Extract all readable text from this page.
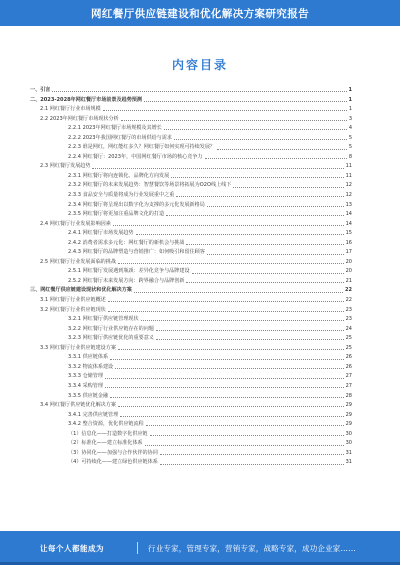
网红餐厅供应链建设和优化解决方案研究报告
内容目录
一、引言	1
二、2023-2028年网红餐厅市场前景及趋势预测	1
2.1 网红餐厅行业市场规模	1
2.2 2023年网红餐厅市场现状分析	3
2.2.1 2023年网红餐厅市场规模及其增长	4
2.2.2 2023年我国网红餐厅的市场供给与需求	5
2.2.3 谁是网红，网红能红多久？网红餐厅如何实现可持续发展？	5
2.2.4 网红餐厅：2023年，中国网红餐厅市场的核心竞争力	8
2.3 网红餐厅发展趋势	11
2.3.1 网红餐厅将向连锁化、品牌化方向发展	11
2.3.2 网红餐厅的未来发展趋势：智慧餐饮等场景将拓展为O2O线上线下	12
2.3.3 食品安全与质量将成为行业发展重中之重	12
2.3.4 网红餐厅将呈现出以数字化为支撑的多元化发展新格局	13
2.3.5 网红餐厅将更加注重品牌文化的打造	14
2.4 网红餐厅行业发展影响因素	14
2.4.1 网红餐厅市场发展趋势	15
2.4.2 消费者需求多元化：网红餐厅的新机会与挑战	16
2.4.3 网红餐厅的品牌塑造与营销推广：如何吸引和留住顾客	17
2.5 网红餐厅行业发展面临的挑战	20
2.5.1 网红餐厅发展遇到瓶颈：差异化竞争与品牌建设	20
2.5.2 网红餐厅未来发展方向：跨界融合与品牌创新	21
三、网红餐厅供应链建设现状和优化解决方案	22
3.1 网红餐厅行业供应链概述	22
3.2 网红餐厅行业供应链现状	23
3.2.1 网红餐厅供应链管理现状	23
3.2.2 网红餐厅行业供应链存在的问题	24
3.2.3 网红餐厅供应链优化的重要意义	25
3.3 网红餐厅行业供应链建设方案	25
3.3.1 供应链体系	26
3.3.2 物流体系建设	26
3.3.3 仓储管理	27
3.3.4 采购管理	27
3.3.5 供应链金融	28
3.4 网红餐厅供应链优化解决方案	29
3.4.1 完善供应链管理	29
3.4.2 整合资源，优化供应链流程	29
（1）信息化——打造数字化供应链	30
（2）标准化——建立标准化体系	30
（3）协同化——加强与合作伙伴的协同	31
（4）可持续化——建立绿色供应链体系	31
让每个人都能成为	行业专家，管理专家，营销专家，战略专家，成功企业家……
